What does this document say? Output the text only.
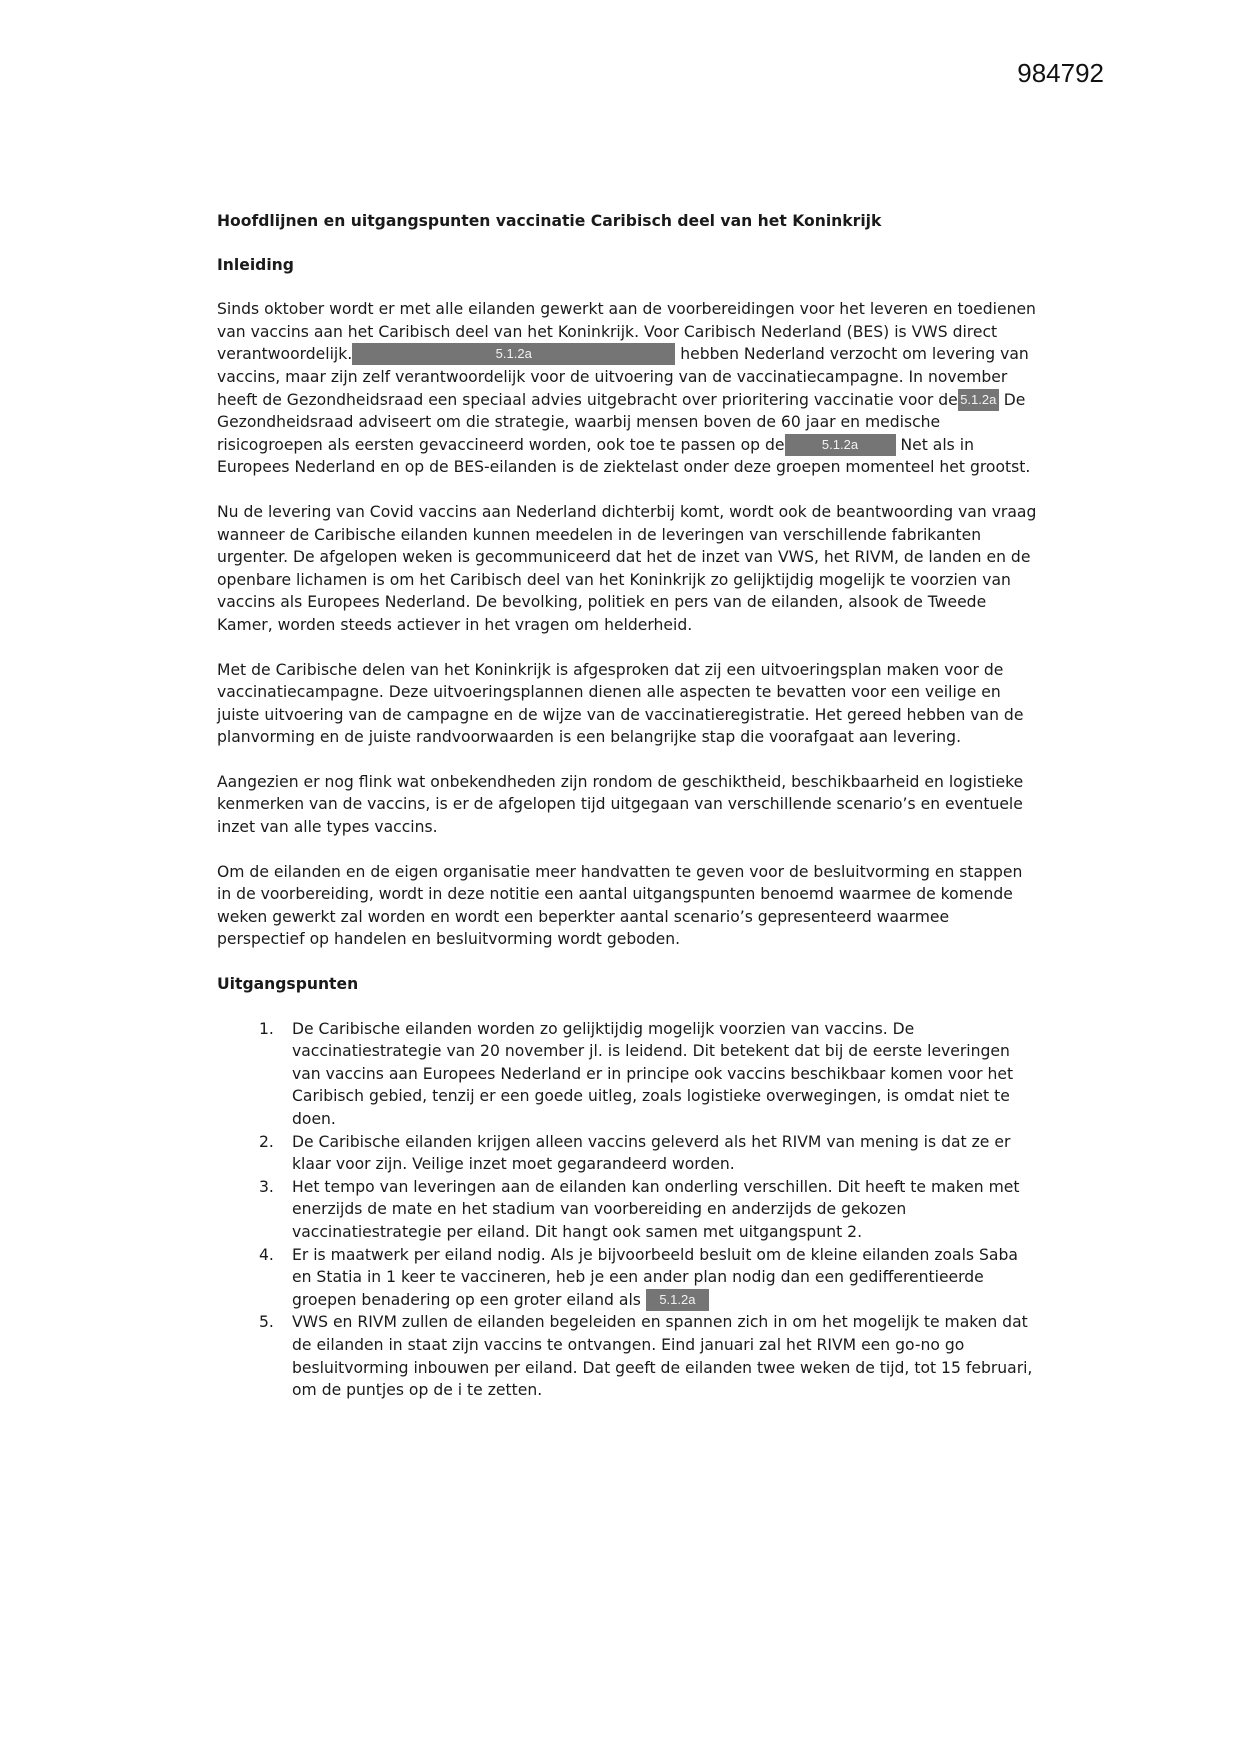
984792
Hoofdlijnen en uitgangspunten vaccinatie Caribisch deel van het Koninkrijk
Inleiding

Sinds oktober wordt er met alle eilanden gewerkt aan de voorbereidingen voor het leveren en toedienen van vaccins aan het Caribisch deel van het Koninkrijk. Voor Caribisch Nederland (BES) is VWS direct verantwoordelijk.	5.1.2a	hebben Nederland verzocht om levering van vaccins, maar zijn zelf verantwoordelijk voor de uitvoering van de vaccinatiecampagne. In november heeft de Gezondheidsraad een speciaal advies uitgebracht over prioritering vaccinatie voor de 5.1.2a De Gezondheidsraad adviseert om die strategie, waarbij mensen boven de 60 jaar en medische risicogroepen als eersten gevaccineerd worden, ook toe te passen op de	5.1.2a	Net als in Europees Nederland en op de BES-eilanden is de ziektelast onder deze groepen momenteel het grootst.

Nu de levering van Covid vaccins aan Nederland dichterbij komt, wordt ook de beantwoording van vraag wanneer de Caribische eilanden kunnen meedelen in de leveringen van verschillende fabrikanten urgenter. De afgelopen weken is gecommuniceerd dat het de inzet van VWS, het RIVM, de landen en de openbare lichamen is om het Caribisch deel van het Koninkrijk zo gelijktijdig mogelijk te voorzien van vaccins als Europees Nederland. De bevolking, politiek en pers van de eilanden, alsook de Tweede Kamer, worden steeds actiever in het vragen om helderheid.

Met de Caribische delen van het Koninkrijk is afgesproken dat zij een uitvoeringsplan maken voor de vaccinatiecampagne. Deze uitvoeringsplannen dienen alle aspecten te bevatten voor een veilige en juiste uitvoering van de campagne en de wijze van de vaccinatieregistratie. Het gereed hebben van de planvorming en de juiste randvoorwaarden is een belangrijke stap die voorafgaat aan levering.

Aangezien er nog flink wat onbekendheden zijn rondom de geschiktheid, beschikbaarheid en logistieke kenmerken van de vaccins, is er de afgelopen tijd uitgegaan van verschillende scenario’s en eventuele inzet van alle types vaccins.

Om de eilanden en de eigen organisatie meer handvatten te geven voor de besluitvorming en stappen in de voorbereiding, wordt in deze notitie een aantal uitgangspunten benoemd waarmee de komende weken gewerkt zal worden en wordt een beperkter aantal scenario’s gepresenteerd waarmee perspectief op handelen en besluitvorming wordt geboden.

Uitgangspunten
1. De Caribische eilanden worden zo gelijktijdig mogelijk voorzien van vaccins. De vaccinatiestrategie van 20 november jl. is leidend. Dit betekent dat bij de eerste leveringen van vaccins aan Europees Nederland er in principe ook vaccins beschikbaar komen voor het Caribisch gebied, tenzij er een goede uitleg, zoals logistieke overwegingen, is omdat niet te doen.
2. De Caribische eilanden krijgen alleen vaccins geleverd als het RIVM van mening is dat ze er klaar voor zijn. Veilige inzet moet gegarandeerd worden.
3. Het tempo van leveringen aan de eilanden kan onderling verschillen. Dit heeft te maken met enerzijds de mate en het stadium van voorbereiding en anderzijds de gekozen vaccinatiestrategie per eiland. Dit hangt ook samen met uitgangspunt 2.
4. Er is maatwerk per eiland nodig. Als je bijvoorbeeld besluit om de kleine eilanden zoals Saba en Statia in 1 keer te vaccineren, heb je een ander plan nodig dan een gedifferentieerde groepen benadering op een groter eiland als 5.1.2a
5. VWS en RIVM zullen de eilanden begeleiden en spannen zich in om het mogelijk te maken dat de eilanden in staat zijn vaccins te ontvangen. Eind januari zal het RIVM een go-no go besluitvorming inbouwen per eiland. Dat geeft de eilanden twee weken de tijd, tot 15 februari, om de puntjes op de i te zetten.
